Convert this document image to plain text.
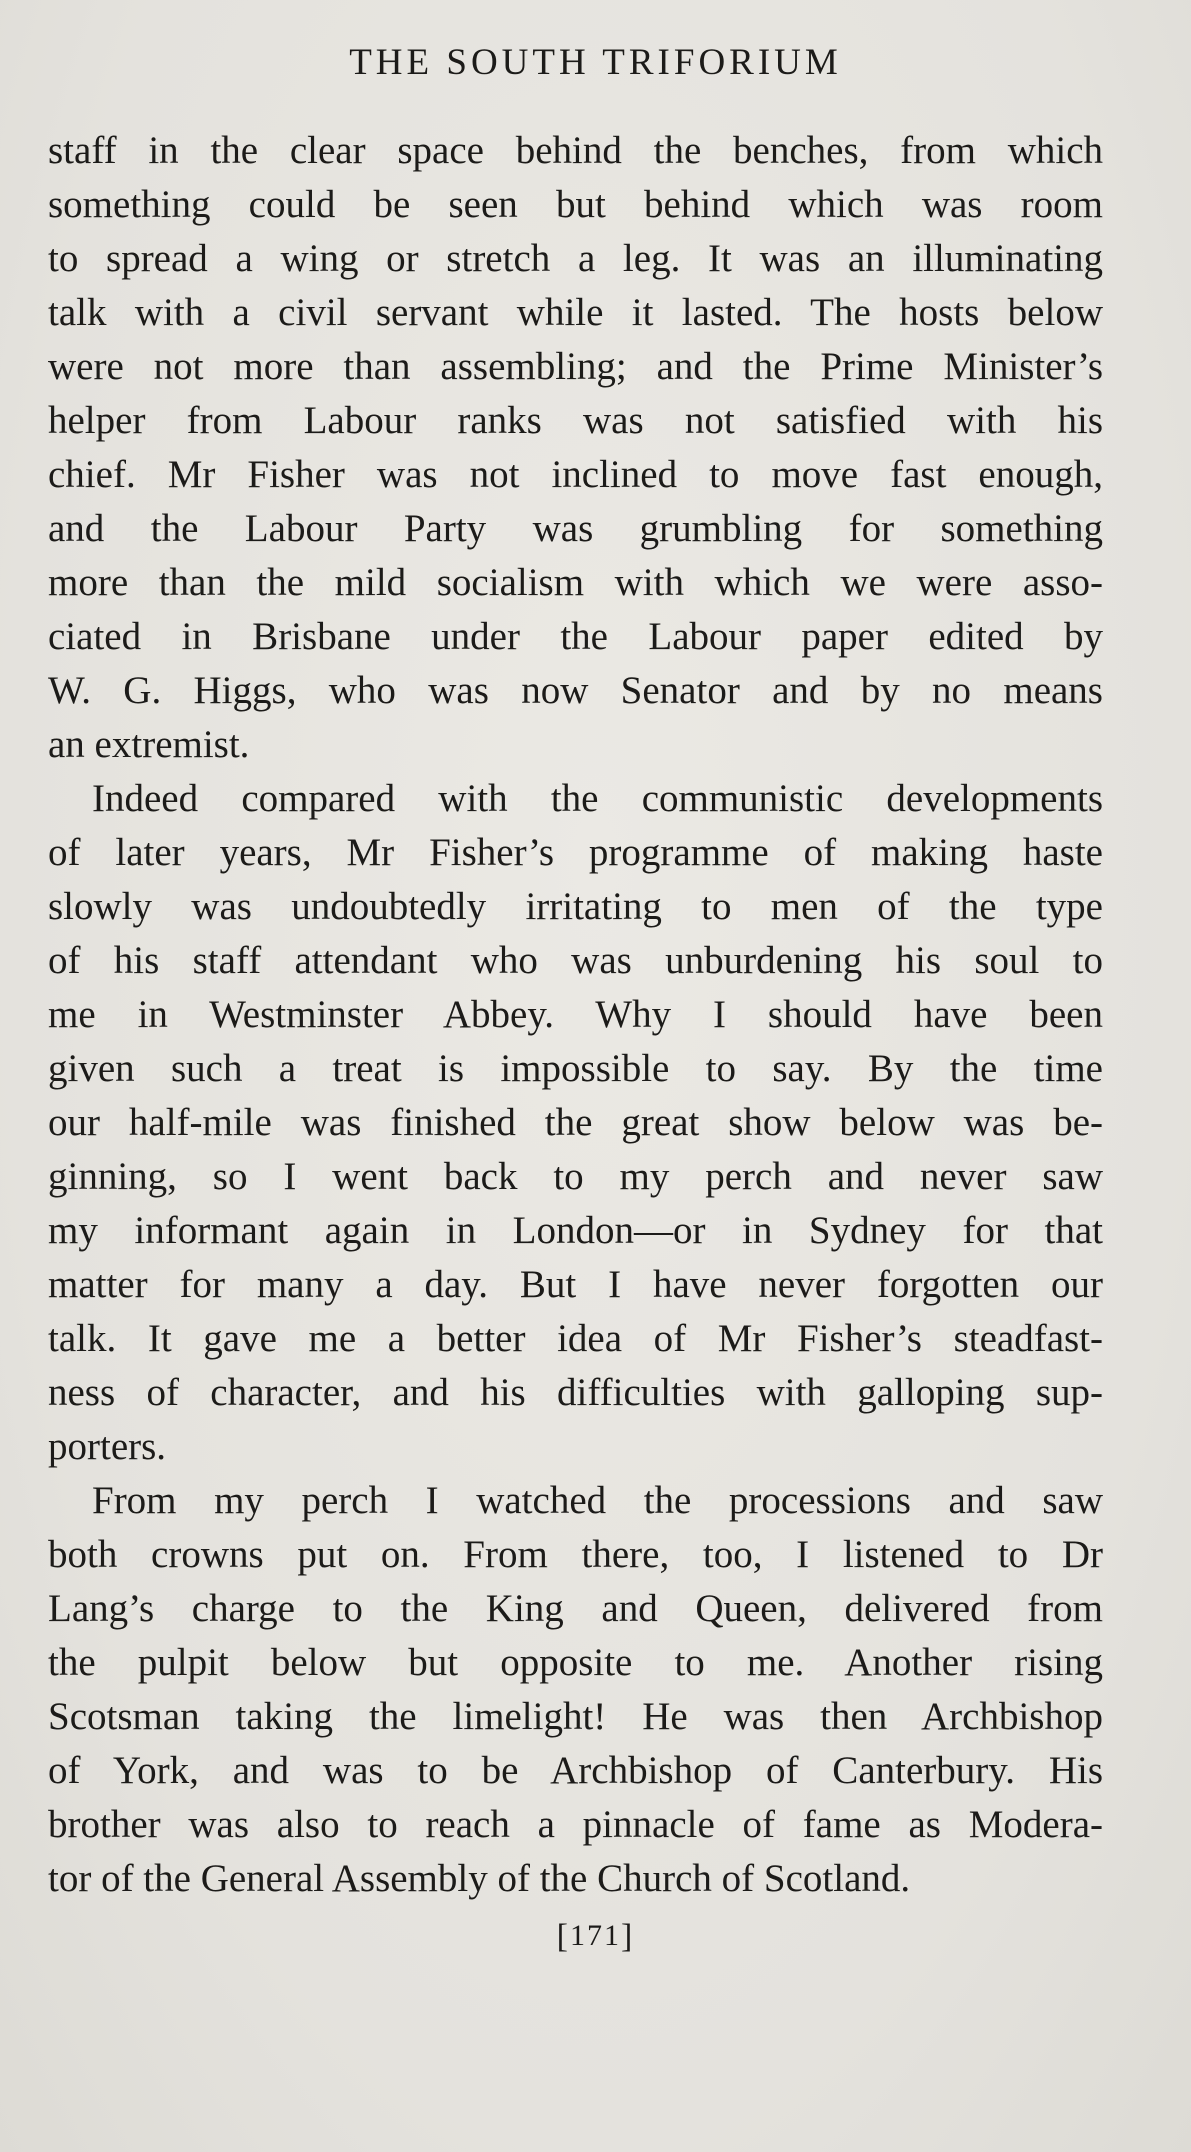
THE SOUTH TRIFORIUM
staff in the clear space behind the benches, from which
something could be seen but behind which was room
to spread a wing or stretch a leg. It was an illuminating
talk with a civil servant while it lasted. The hosts below
were not more than assembling; and the Prime Minister’s
helper from Labour ranks was not satisfied with his
chief. Mr Fisher was not inclined to move fast enough,
and the Labour Party was grumbling for something
more than the mild socialism with which we were asso-
ciated in Brisbane under the Labour paper edited by
W. G. Higgs, who was now Senator and by no means
an extremist.
Indeed compared with the communistic developments
of later years, Mr Fisher’s programme of making haste
slowly was undoubtedly irritating to men of the type
of his staff attendant who was unburdening his soul to
me in Westminster Abbey. Why I should have been
given such a treat is impossible to say. By the time
our half-mile was finished the great show below was be-
ginning, so I went back to my perch and never saw
my informant again in London—or in Sydney for that
matter for many a day. But I have never forgotten our
talk. It gave me a better idea of Mr Fisher’s steadfast-
ness of character, and his difficulties with galloping sup-
porters.
From my perch I watched the processions and saw
both crowns put on. From there, too, I listened to Dr
Lang’s charge to the King and Queen, delivered from
the pulpit below but opposite to me. Another rising
Scotsman taking the limelight! He was then Archbishop
of York, and was to be Archbishop of Canterbury. His
brother was also to reach a pinnacle of fame as Modera-
tor of the General Assembly of the Church of Scotland.
[171]
